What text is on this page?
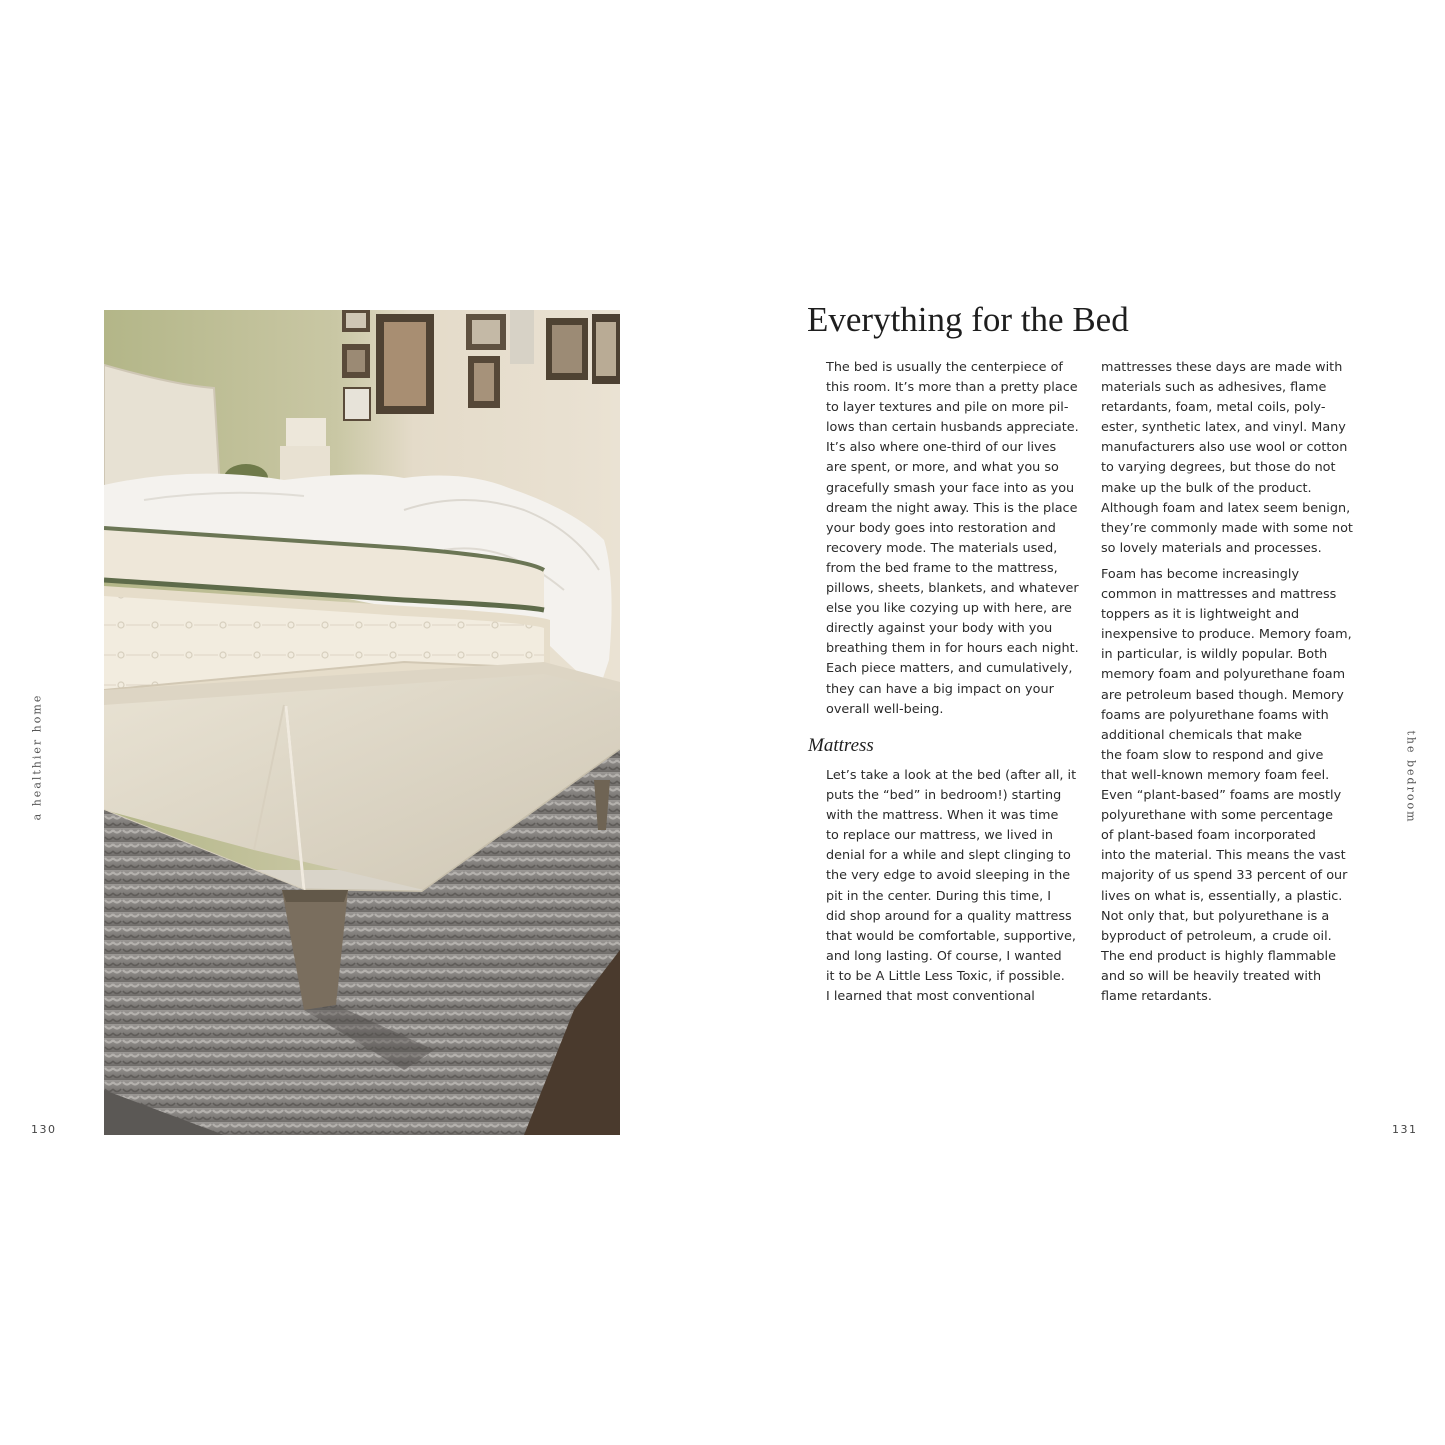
a healthier home	the bedroom
130	131
Everything for the Bed
The bed is usually the centerpiece of
this room. It’s more than a pretty place
to layer textures and pile on more pil-
lows than certain husbands appreciate.
It’s also where one-third of our lives
are spent, or more, and what you so
gracefully smash your face into as you
dream the night away. This is the place
your body goes into restoration and
recovery mode. The materials used,
from the bed frame to the mattress,
pillows, sheets, blankets, and whatever
else you like cozying up with here, are
directly against your body with you
breathing them in for hours each night.
Each piece matters, and cumulatively,
they can have a big impact on your
overall well-being.
Mattress
Let’s take a look at the bed (after all, it
puts the “bed” in bedroom!) starting
with the mattress. When it was time
to replace our mattress, we lived in
denial for a while and slept clinging to
the very edge to avoid sleeping in the
pit in the center. During this time, I
did shop around for a quality mattress
that would be comfortable, supportive,
and long lasting. Of course, I wanted
it to be A Little Less Toxic, if possible.
I learned that most conventional
mattresses these days are made with
materials such as adhesives, flame
retardants, foam, metal coils, poly-
ester, synthetic latex, and vinyl. Many
manufacturers also use wool or cotton
to varying degrees, but those do not
make up the bulk of the product.
Although foam and latex seem benign,
they’re commonly made with some not
so lovely materials and processes.
Foam has become increasingly
common in mattresses and mattress
toppers as it is lightweight and
inexpensive to produce. Memory foam,
in particular, is wildly popular. Both
memory foam and polyurethane foam
are petroleum based though. Memory
foams are polyurethane foams with
additional chemicals that make
the foam slow to respond and give
that well-known memory foam feel.
Even “plant-based” foams are mostly
polyurethane with some percentage
of plant-based foam incorporated
into the material. This means the vast
majority of us spend 33 percent of our
lives on what is, essentially, a plastic.
Not only that, but polyurethane is a
byproduct of petroleum, a crude oil.
The end product is highly flammable
and so will be heavily treated with
flame retardants.
